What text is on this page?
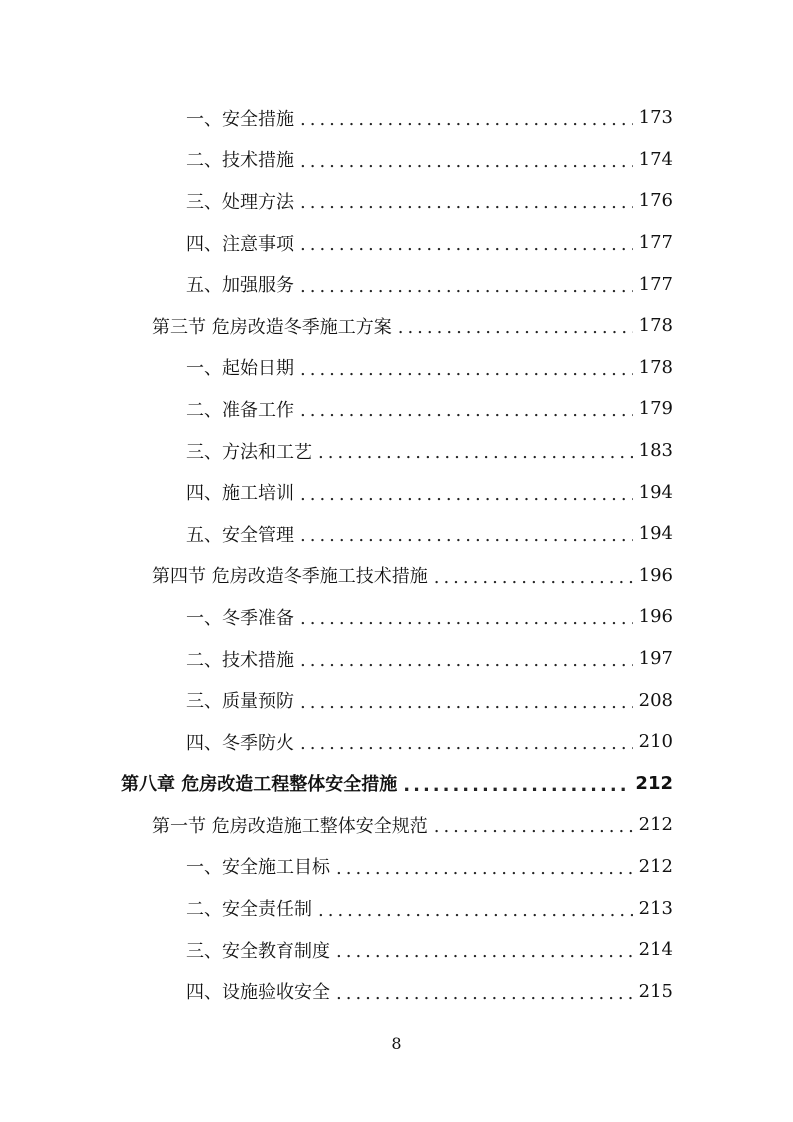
一、安全措施 .....	173
二、技术措施 .....	174
三、处理方法 .....	176
四、注意事项 .....	177
五、加强服务 .....	177
第三节 危房改造冬季施工方案 .....	178
一、起始日期 .....	178
二、准备工作 .....	179
三、方法和工艺 .....	183
四、施工培训 .....	194
五、安全管理 .....	194
第四节 危房改造冬季施工技术措施 .....	196
一、冬季准备 .....	196
二、技术措施 .....	197
三、质量预防 .....	208
四、冬季防火 .....	210
第八章 危房改造工程整体安全措施 .....	212
第一节 危房改造施工整体安全规范 .....	212
一、安全施工目标 .....	212
二、安全责任制 .....	213
三、安全教育制度 .....	214
四、设施验收安全 .....	215
8
